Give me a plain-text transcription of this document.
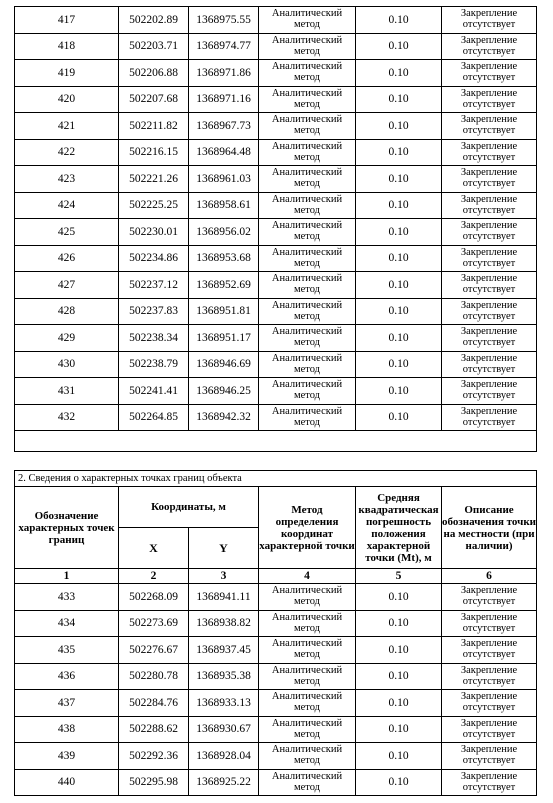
417	502202.89	1368975.55	Аналитический метод	0.10	Закрепление отсутствует
418	502203.71	1368974.77	Аналитический метод	0.10	Закрепление отсутствует
419	502206.88	1368971.86	Аналитический метод	0.10	Закрепление отсутствует
420	502207.68	1368971.16	Аналитический метод	0.10	Закрепление отсутствует
421	502211.82	1368967.73	Аналитический метод	0.10	Закрепление отсутствует
422	502216.15	1368964.48	Аналитический метод	0.10	Закрепление отсутствует
423	502221.26	1368961.03	Аналитический метод	0.10	Закрепление отсутствует
424	502225.25	1368958.61	Аналитический метод	0.10	Закрепление отсутствует
425	502230.01	1368956.02	Аналитический метод	0.10	Закрепление отсутствует
426	502234.86	1368953.68	Аналитический метод	0.10	Закрепление отсутствует
427	502237.12	1368952.69	Аналитический метод	0.10	Закрепление отсутствует
428	502237.83	1368951.81	Аналитический метод	0.10	Закрепление отсутствует
429	502238.34	1368951.17	Аналитический метод	0.10	Закрепление отсутствует
430	502238.79	1368946.69	Аналитический метод	0.10	Закрепление отсутствует
431	502241.41	1368946.25	Аналитический метод	0.10	Закрепление отсутствует
432	502264.85	1368942.32	Аналитический метод	0.10	Закрепление отсутствует

2. Сведения о характерных точках границ объекта					
Обозначение характерных точек границ	Координаты, м		Метод определения координат характерной точки	Средняя квадратическая погрешность положения характерной точки (Mt), м	Описание обозначения точки на местности (при наличии)
	X	Y			
1	2	3	4	5	6
433	502268.09	1368941.11	Аналитический метод	0.10	Закрепление отсутствует
434	502273.69	1368938.82	Аналитический метод	0.10	Закрепление отсутствует
435	502276.67	1368937.45	Аналитический метод	0.10	Закрепление отсутствует
436	502280.78	1368935.38	Аналитический метод	0.10	Закрепление отсутствует
437	502284.76	1368933.13	Аналитический метод	0.10	Закрепление отсутствует
438	502288.62	1368930.67	Аналитический метод	0.10	Закрепление отсутствует
439	502292.36	1368928.04	Аналитический метод	0.10	Закрепление отсутствует
440	502295.98	1368925.22	Аналитический метод	0.10	Закрепление отсутствует
